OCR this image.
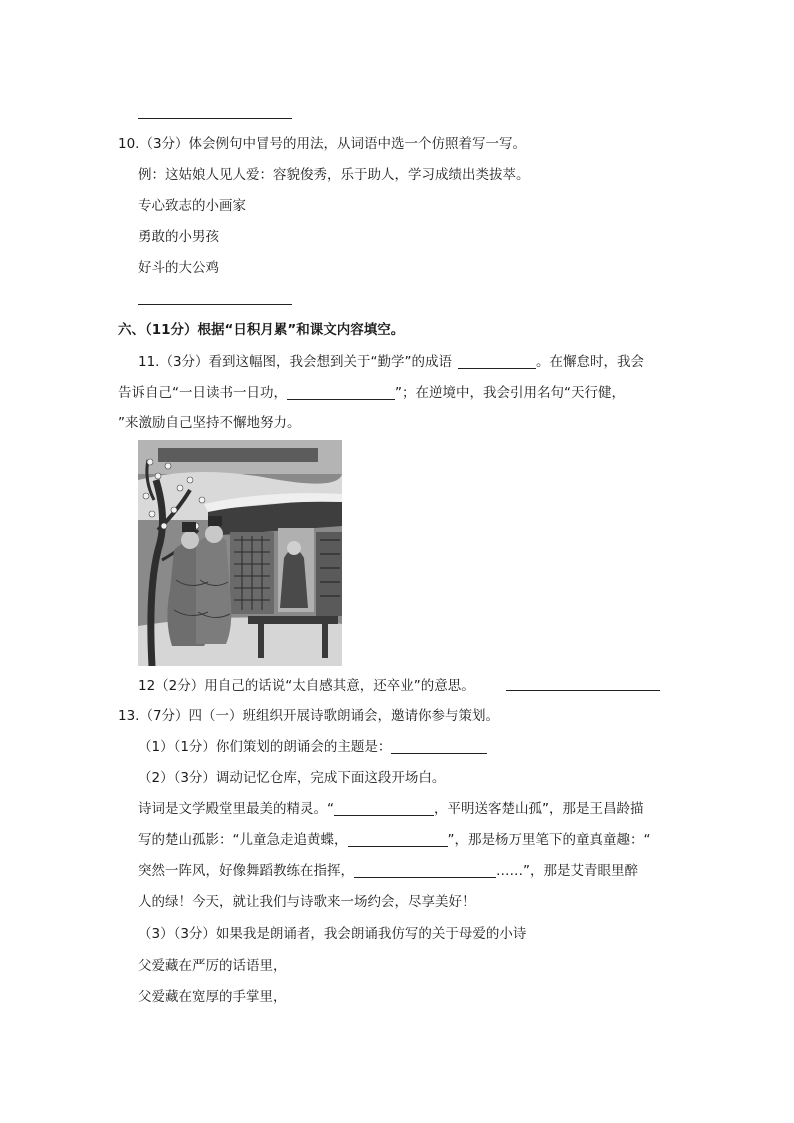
10.（3分）体会例句中冒号的用法，从词语中选一个仿照着写一写。
例：这姑娘人见人爱：容貌俊秀，乐于助人，学习成绩出类拔萃。
专心致志的小画家
勇敢的小男孩
好斗的大公鸡
六、（11分）根据“日积月累”和课文内容填空。
11.（3分）看到这幅图，我会想到关于“勤学”的成语	。在懈怠时，我会
告诉自己“一日读书一日功，	”；在逆境中，我会引用名句“天行健，
”来激励自己坚持不懈地努力。
12（2分）用自己的话说“太自感其意，还卒业”的意思。
13.（7分）四（一）班组织开展诗歌朗诵会，邀请你参与策划。
（1）（1分）你们策划的朗诵会的主题是：
（2）（3分）调动记忆仓库，完成下面这段开场白。
诗词是文学殿堂里最美的精灵。“	，平明送客楚山孤”，那是王昌龄描
写的楚山孤影：“儿童急走追黄蝶，	”，那是杨万里笔下的童真童趣：“
突然一阵风，好像舞蹈教练在指挥，	……”，那是艾青眼里醉
人的绿！今天，就让我们与诗歌来一场约会，尽享美好！
（3）（3分）如果我是朗诵者，我会朗诵我仿写的关于母爱的小诗
父爱藏在严厉的话语里，
父爱藏在宽厚的手掌里，
